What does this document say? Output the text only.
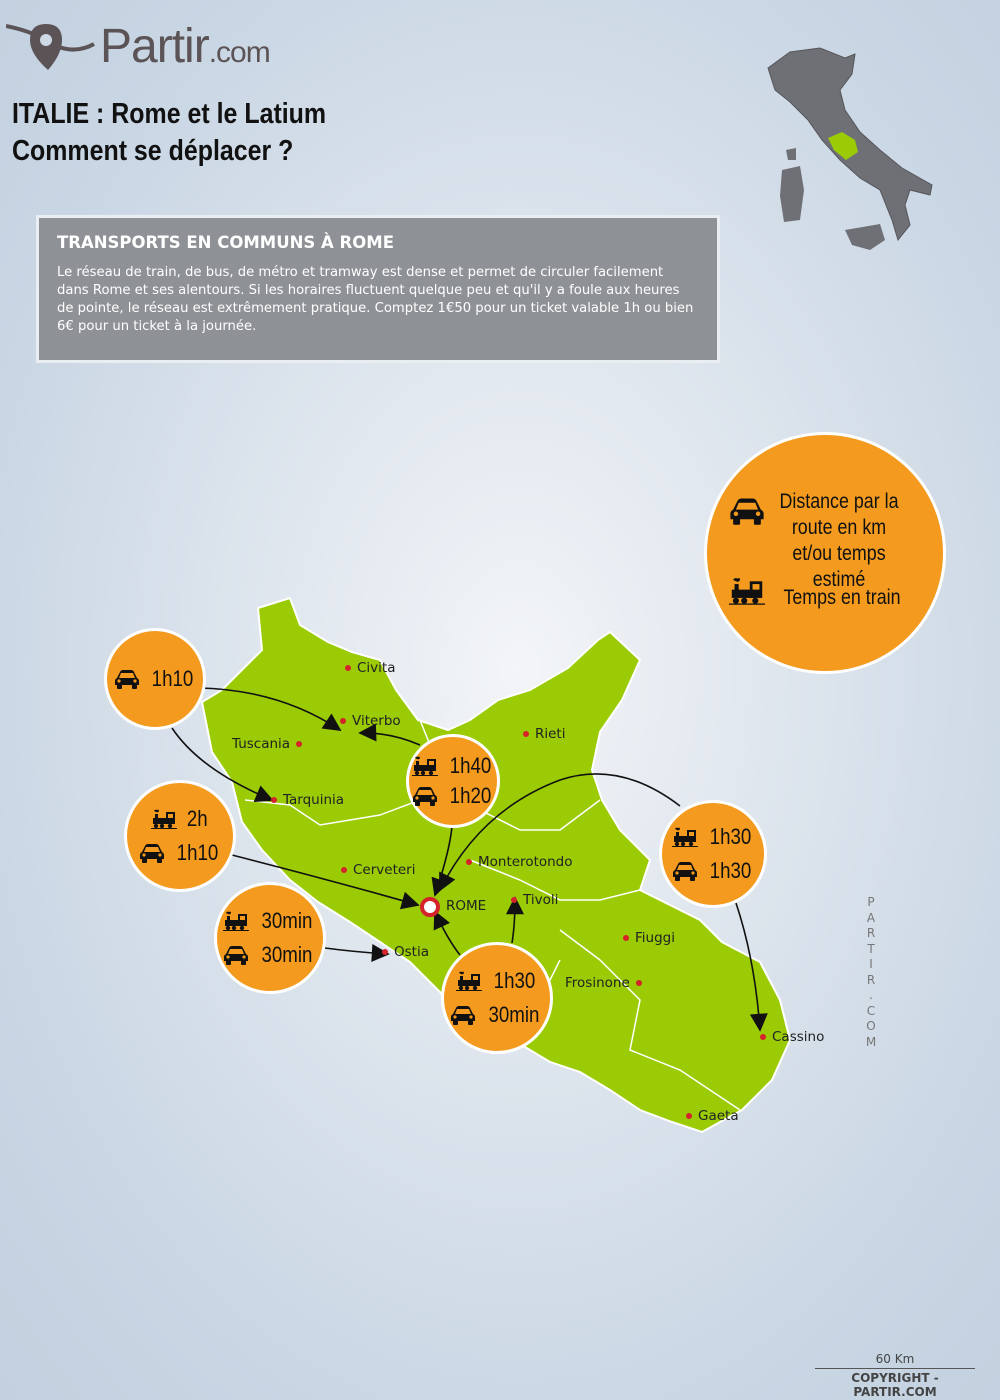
Partir.com
ITALIE : Rome et le Latium
Comment se déplacer ?
TRANSPORTS EN COMMUNS À ROME

Le réseau de train, de bus, de métro et tramway est dense et permet de circuler facilement dans Rome et ses alentours. Si les horaires fluctuent quelque peu et qu'il y a foule aux heures de pointe, le réseau est extrêmement pratique. Comptez 1€50 pour un ticket valable 1h ou bien 6€ pour un ticket à la journée.

Civita
Viterbo
Tuscania
Rieti
Tarquinia
Cerveteri	Monterotondo
ROME	Tivoli
Ostia
Fiuggi
Frosinone
Cassino
Gaeta
1h10
1h40
1h20
2h
1h10
30min
30min
1h30
30min
1h30
1h30
Distance par la route en km et/ou temps estimé
Temps en train
P
A
R
T
I
R
.
C
O
M
60 Km
COPYRIGHT - PARTIR.COM
